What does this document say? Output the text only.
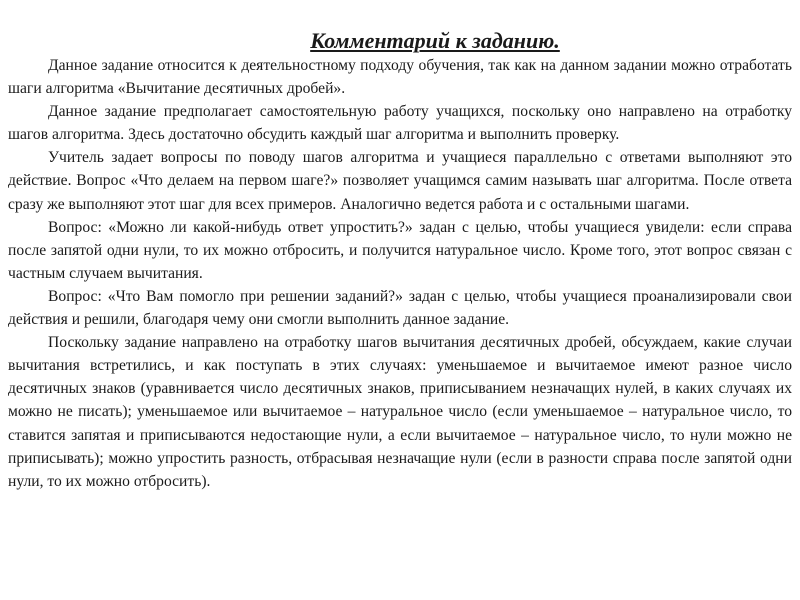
Комментарий к заданию.

Данное задание относится к деятельностному подходу обучения, так как на данном задании можно отработать шаги алгоритма «Вычитание десятичных дробей».

Данное задание предполагает самостоятельную работу учащихся, поскольку оно направлено на отработку шагов алгоритма. Здесь достаточно обсудить каждый шаг алгоритма и выполнить проверку.

Учитель задает вопросы по поводу шагов алгоритма и учащиеся параллельно с ответами выполняют это действие. Вопрос «Что делаем на первом шаге?» позволяет учащимся самим называть шаг алгоритма. После ответа сразу же выполняют этот шаг для всех примеров. Аналогично ведется работа и с остальными шагами.

Вопрос: «Можно ли какой-нибудь ответ упростить?» задан с целью, чтобы учащиеся увидели: если справа после запятой одни нули, то их можно отбросить, и получится натуральное число. Кроме того, этот вопрос связан с частным случаем вычитания.

Вопрос: «Что Вам помогло при решении заданий?» задан с целью, чтобы учащиеся проанализировали свои действия и решили, благодаря чему они смогли выполнить данное задание.

Поскольку задание направлено на отработку шагов вычитания десятичных дробей, обсуждаем, какие случаи вычитания встретились, и как поступать в этих случаях: уменьшаемое и вычитаемое имеют разное число десятичных знаков (уравнивается число десятичных знаков, приписыванием незначащих нулей, в каких случаях их можно не писать); уменьшаемое или вычитаемое – натуральное число (если уменьшаемое – натуральное число, то ставится запятая и приписываются недостающие нули, а если вычитаемое – натуральное число, то нули можно не приписывать); можно упростить разность, отбрасывая незначащие нули (если в разности справа после запятой одни нули, то их можно отбросить).
